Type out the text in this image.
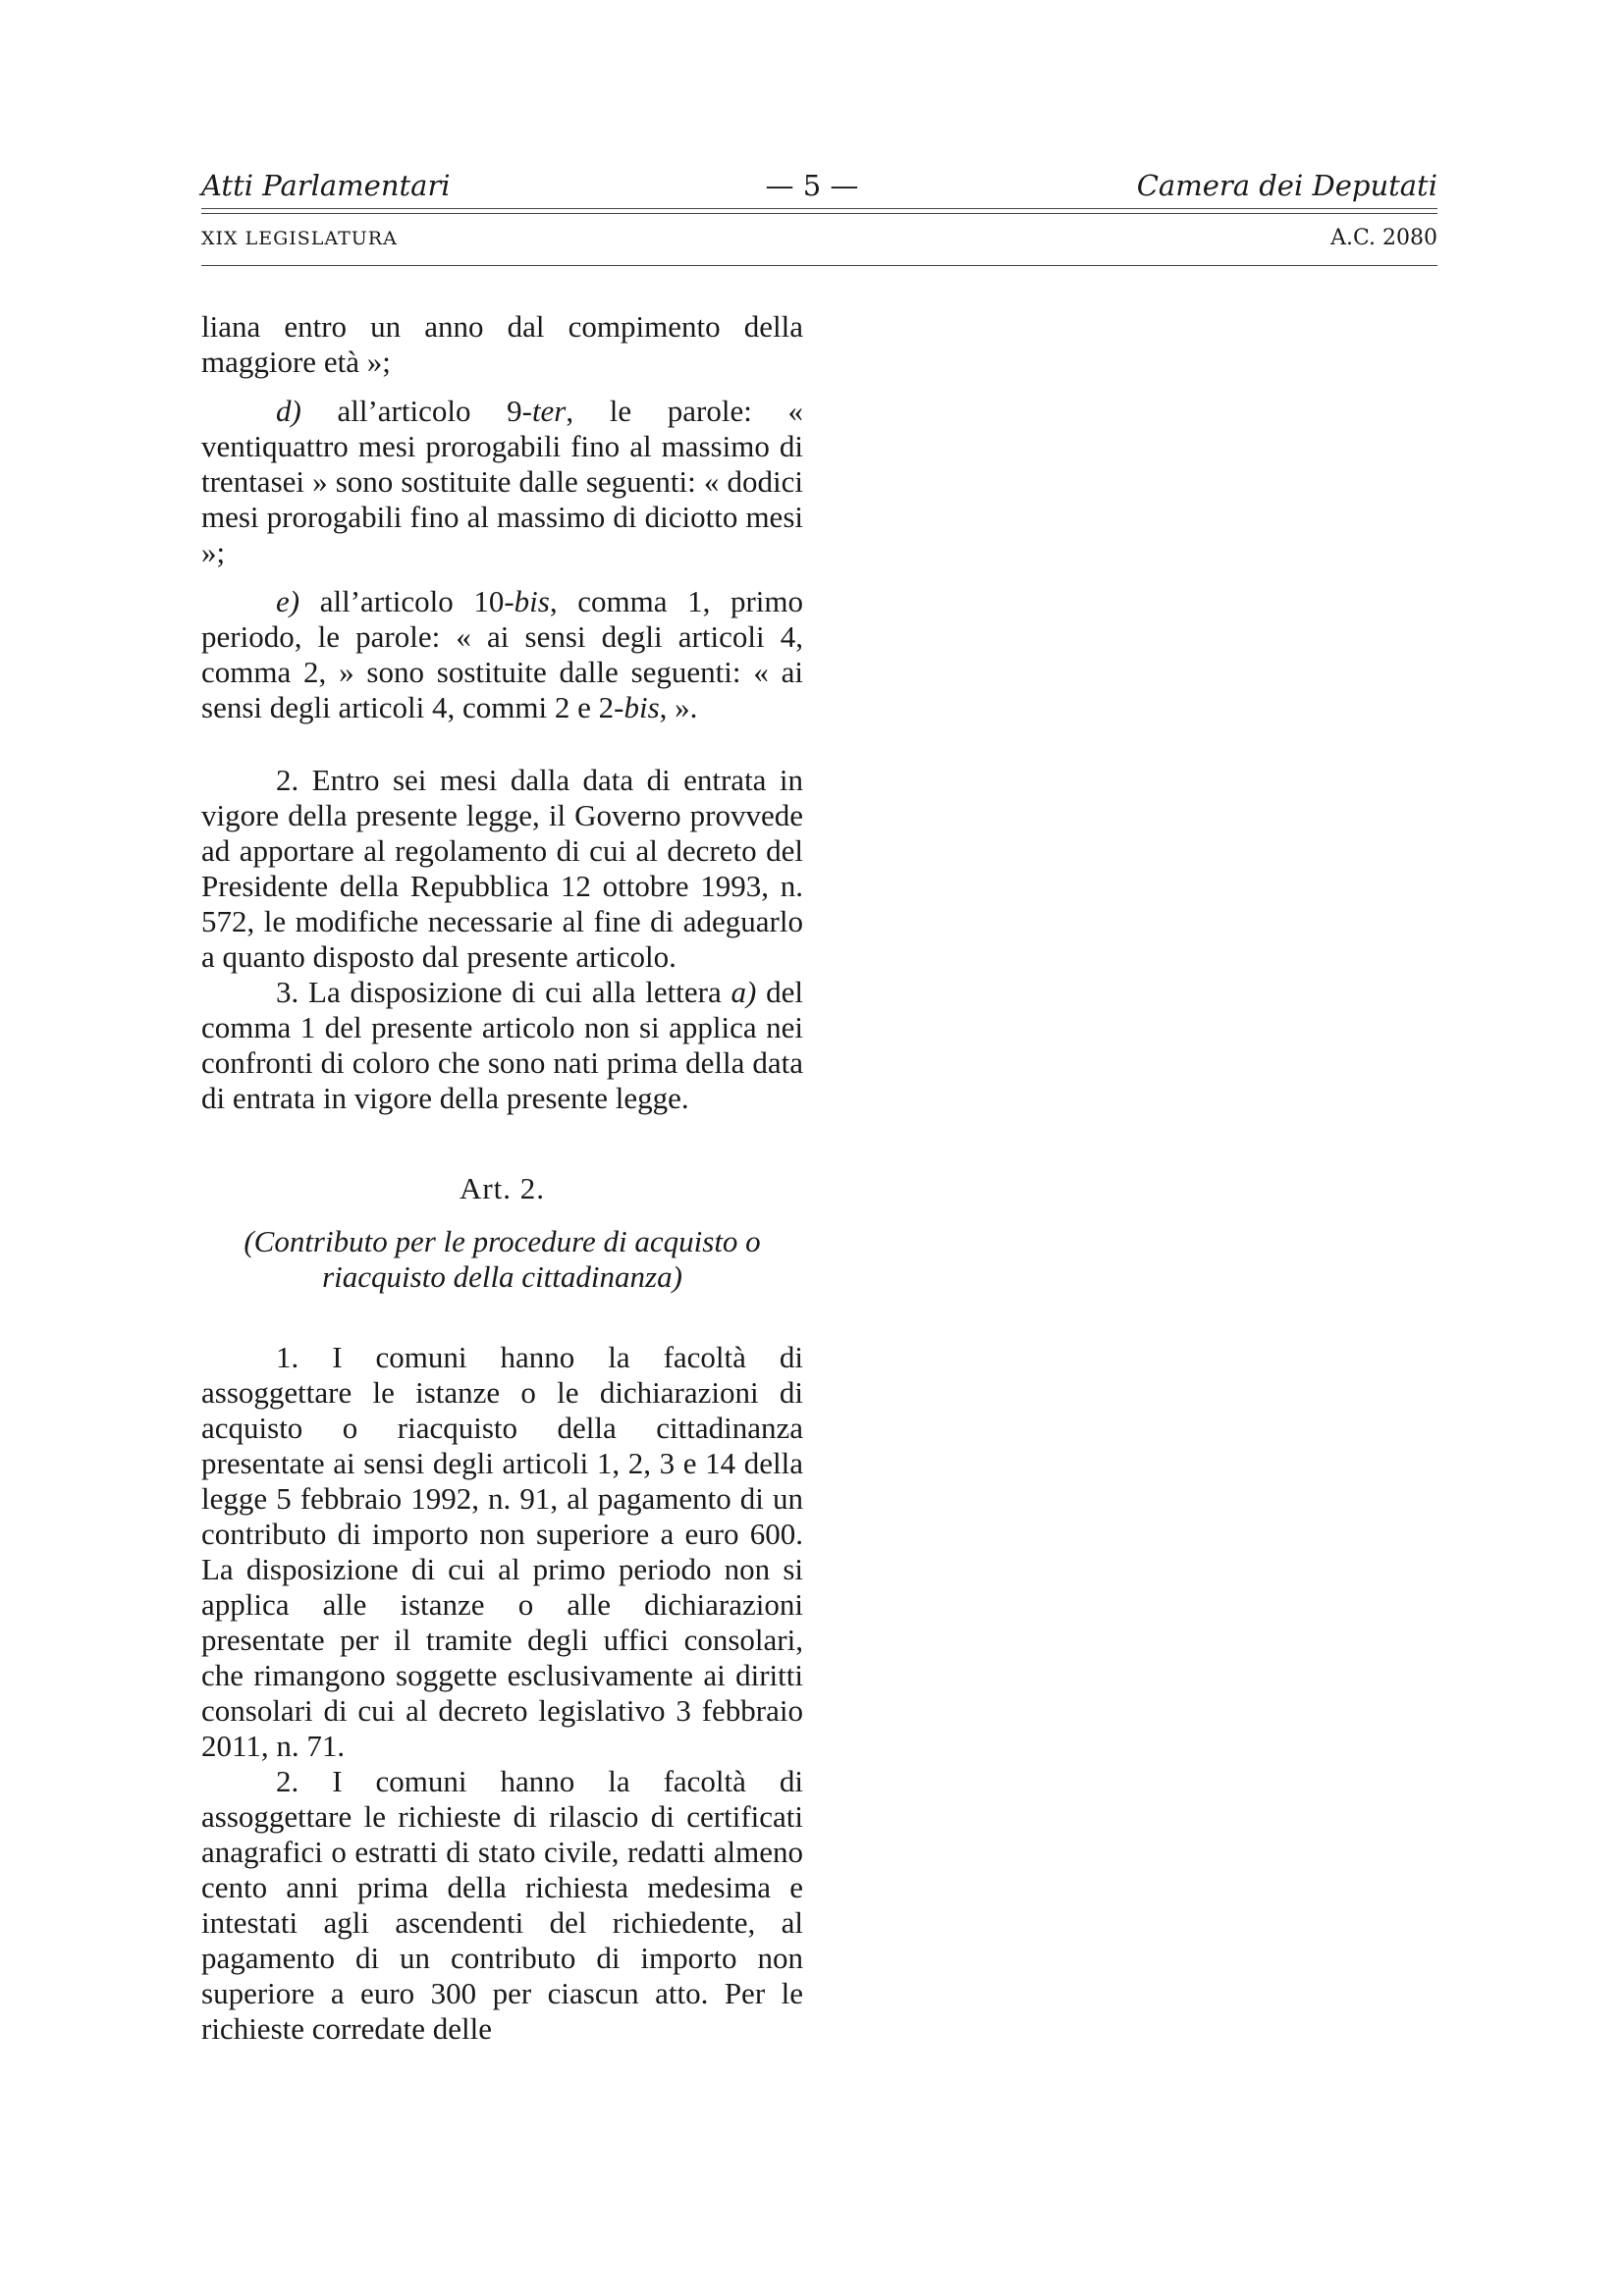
Atti Parlamentari	— 5 —	Camera dei Deputati
XIX LEGISLATURA	A.C. 2080

liana entro un anno dal compimento della maggiore età »;

d) all’articolo 9-ter, le parole: « ventiquattro mesi prorogabili fino al massimo di trentasei » sono sostituite dalle seguenti: « dodici mesi prorogabili fino al massimo di diciotto mesi »;

e) all’articolo 10-bis, comma 1, primo periodo, le parole: « ai sensi degli articoli 4, comma 2, » sono sostituite dalle seguenti: « ai sensi degli articoli 4, commi 2 e 2-bis, ».

2. Entro sei mesi dalla data di entrata in vigore della presente legge, il Governo provvede ad apportare al regolamento di cui al decreto del Presidente della Repubblica 12 ottobre 1993, n. 572, le modifiche necessarie al fine di adeguarlo a quanto disposto dal presente articolo.

3. La disposizione di cui alla lettera a) del comma 1 del presente articolo non si applica nei confronti di coloro che sono nati prima della data di entrata in vigore della presente legge.

Art. 2.

(Contributo per le procedure di acquisto o riacquisto della cittadinanza)

1. I comuni hanno la facoltà di assoggettare le istanze o le dichiarazioni di acquisto o riacquisto della cittadinanza presentate ai sensi degli articoli 1, 2, 3 e 14 della legge 5 febbraio 1992, n. 91, al pagamento di un contributo di importo non superiore a euro 600. La disposizione di cui al primo periodo non si applica alle istanze o alle dichiarazioni presentate per il tramite degli uffici consolari, che rimangono soggette esclusivamente ai diritti consolari di cui al decreto legislativo 3 febbraio 2011, n. 71.

2. I comuni hanno la facoltà di assoggettare le richieste di rilascio di certificati anagrafici o estratti di stato civile, redatti almeno cento anni prima della richiesta medesima e intestati agli ascendenti del richiedente, al pagamento di un contributo di importo non superiore a euro 300 per ciascun atto. Per le richieste corredate delle
